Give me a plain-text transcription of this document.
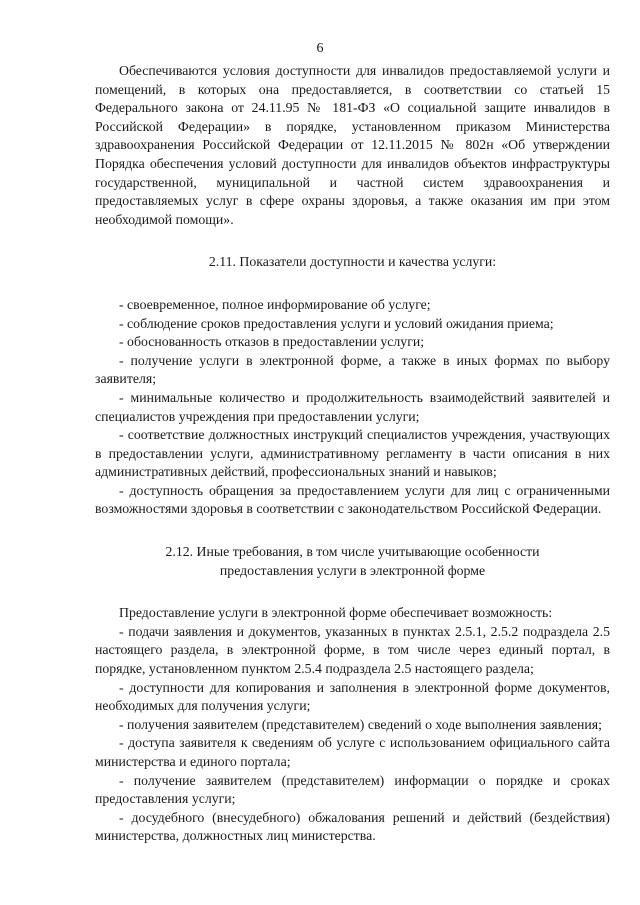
6

Обеспечиваются условия доступности для инвалидов предоставляемой услуги и помещений, в которых она предоставляется, в соответствии со статьей 15 Федерального закона от 24.11.95 № 181-ФЗ «О социальной защите инвалидов в Российской Федерации» в порядке, установленном приказом Министерства здравоохранения Российской Федерации от 12.11.2015 № 802н «Об утверждении Порядка обеспечения условий доступности для инвалидов объектов инфраструктуры государственной, муниципальной и частной систем здравоохранения и предоставляемых услуг в сфере охраны здоровья, а также оказания им при этом необходимой помощи».

2.11. Показатели доступности и качества услуги:

- своевременное, полное информирование об услуге;

- соблюдение сроков предоставления услуги и условий ожидания приема;

- обоснованность отказов в предоставлении услуги;

- получение услуги в электронной форме, а также в иных формах по выбору заявителя;

- минимальные количество и продолжительность взаимодействий заявителей и специалистов учреждения при предоставлении услуги;

- соответствие должностных инструкций специалистов учреждения, участвующих в предоставлении услуги, административному регламенту в части описания в них административных действий, профессиональных знаний и навыков;

- доступность обращения за предоставлением услуги для лиц с ограниченными возможностями здоровья в соответствии с законодательством Российской Федерации.

2.12. Иные требования, в том числе учитывающие особенности
предоставления услуги в электронной форме

Предоставление услуги в электронной форме обеспечивает возможность:

- подачи заявления и документов, указанных в пунктах 2.5.1, 2.5.2 подраздела 2.5 настоящего раздела, в электронной форме, в том числе через единый портал, в порядке, установленном пунктом 2.5.4 подраздела 2.5 настоящего раздела;

- доступности для копирования и заполнения в электронной форме документов, необходимых для получения услуги;

- получения заявителем (представителем) сведений о ходе выполнения заявления;

- доступа заявителя к сведениям об услуге с использованием официального сайта министерства и единого портала;

- получение заявителем (представителем) информации о порядке и сроках предоставления услуги;

- досудебного (внесудебного) обжалования решений и действий (бездействия) министерства, должностных лиц министерства.
